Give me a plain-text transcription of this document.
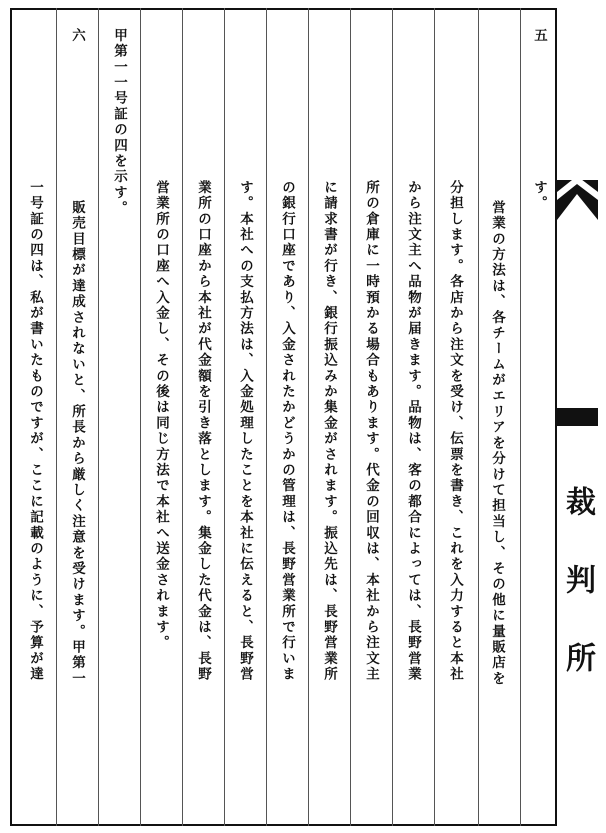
裁判所
五
す。
営業の方法は、各チームがエリアを分けて担当し、その他に量販店を
分担します。各店から注文を受け、伝票を書き、これを入力すると本社
から注文主へ品物が届きます。品物は、客の都合によっては、長野営業
所の倉庫に一時預かる場合もあります。代金の回収は、本社から注文主
に請求書が行き、銀行振込みか集金がされます。振込先は、長野営業所
の銀行口座であり、入金されたかどうかの管理は、長野営業所で行いま
す。本社への支払方法は、入金処理したことを本社に伝えると、長野営
業所の口座から本社が代金額を引き落とします。集金した代金は、長野
営業所の口座へ入金し、その後は同じ方法で本社へ送金されます。
甲第一一号証の四を示す。
六
販売目標が達成されないと、所長から厳しく注意を受けます。甲第一
一号証の四は、私が書いたものですが、ここに記載のように、予算が達
